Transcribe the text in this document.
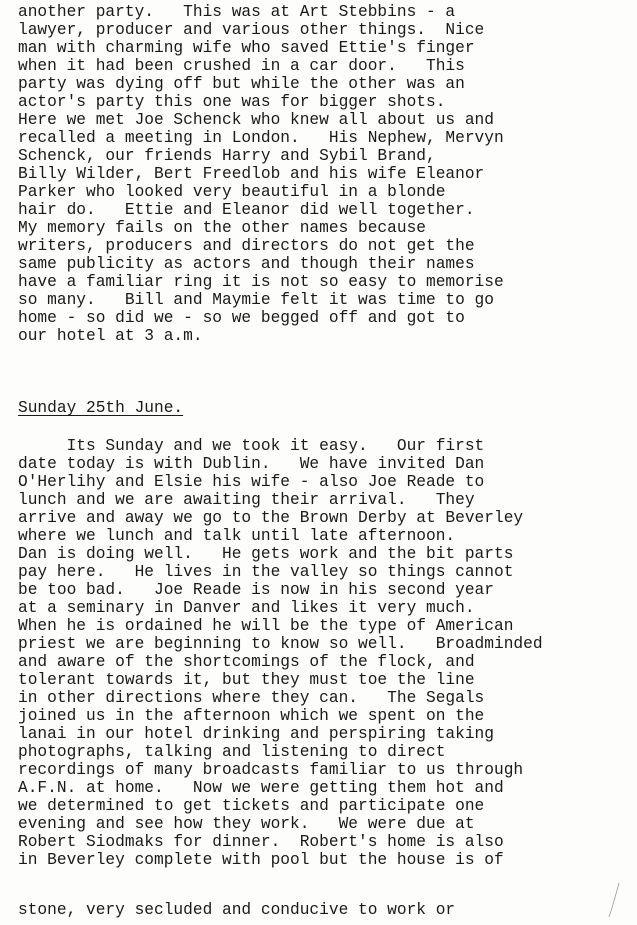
another party.   This was at Art Stebbins - a
lawyer, producer and various other things.  Nice
man with charming wife who saved Ettie's finger
when it had been crushed in a car door.   This
party was dying off but while the other was an
actor's party this one was for bigger shots.
Here we met Joe Schenck who knew all about us and
recalled a meeting in London.   His Nephew, Mervyn
Schenck, our friends Harry and Sybil Brand,
Billy Wilder, Bert Freedlob and his wife Eleanor
Parker who looked very beautiful in a blonde
hair do.   Ettie and Eleanor did well together.
My memory fails on the other names because
writers, producers and directors do not get the
same publicity as actors and though their names
have a familiar ring it is not so easy to memorise
so many.   Bill and Maymie felt it was time to go
home - so did we - so we begged off and got to
our hotel at 3 a.m.
Sunday 25th June.
Its Sunday and we took it easy.   Our first
date today is with Dublin.   We have invited Dan
O'Herlihy and Elsie his wife - also Joe Reade to
lunch and we are awaiting their arrival.   They
arrive and away we go to the Brown Derby at Beverley
where we lunch and talk until late afternoon.
Dan is doing well.   He gets work and the bit parts
pay here.   He lives in the valley so things cannot
be too bad.   Joe Reade is now in his second year
at a seminary in Danver and likes it very much.
When he is ordained he will be the type of American
priest we are beginning to know so well.   Broadminded
and aware of the shortcomings of the flock, and
tolerant towards it, but they must toe the line
in other directions where they can.   The Segals
joined us in the afternoon which we spent on the
lanai in our hotel drinking and perspiring taking
photographs, talking and listening to direct
recordings of many broadcasts familiar to us through
A.F.N. at home.   Now we were getting them hot and
we determined to get tickets and participate one
evening and see how they work.   We were due at
Robert Siodmaks for dinner.  Robert's home is also
in Beverley complete with pool but the house is of
stone, very secluded and conducive to work or
